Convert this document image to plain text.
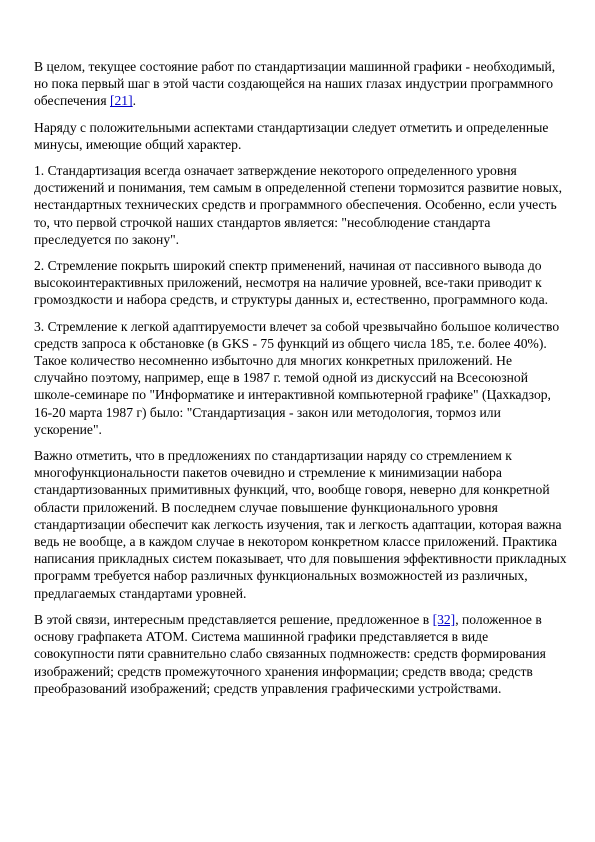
В целом, текущее состояние работ по стандартизации машинной графики - необходимый, но пока первый шаг в этой части создающейся на наших глазах индустрии программного обеспечения [21].

Наряду с положительными аспектами стандартизации следует отметить и определенные минусы, имеющие общий характер.

1. Стандартизация всегда означает затверждение некоторого определенного уровня достижений и понимания, тем самым в определенной степени тормозится развитие новых, нестандартных технических средств и программного обеспечения. Особенно, если учесть то, что первой строчкой наших стандартов является: "несоблюдение стандарта преследуется по закону".

2. Стремление покрыть широкий спектр применений, начиная от пассивного вывода до высокоинтерактивных приложений, несмотря на наличие уровней, все-таки приводит к громоздкости и набора средств, и структуры данных и, естественно, программного кода.

3. Стремление к легкой адаптируемости влечет за собой чрезвычайно большое количество средств запроса к обстановке (в GKS - 75 функций из общего числа 185, т.е. более 40%). Такое количество несомненно избыточно для многих конкретных приложений. Не случайно поэтому, например, еще в 1987 г. темой одной из дискуссий на Всесоюзной школе-семинаре по "Информатике и интерактивной компьютерной графике" (Цахкадзор, 16-20 марта 1987 г) было: "Стандартизация - закон или методология, тормоз или ускорение".

Важно отметить, что в предложениях по стандартизации наряду со стремлением к многофункциональности пакетов очевидно и стремление к минимизации набора стандартизованных примитивных функций, что, вообще говоря, неверно для конкретной области приложений. В последнем случае повышение функционального уровня стандартизации обеспечит как легкость изучения, так и легкость адаптации, которая важна ведь не вообще, а в каждом случае в некотором конкретном классе приложений. Практика написания прикладных систем показывает, что для повышения эффективности прикладных программ требуется набор различных функциональных возможностей из различных, предлагаемых стандартами уровней.

В этой связи, интересным представляется решение, предложенное в [32], положенное в основу графпакета АТОМ. Система машинной графики представляется в виде совокупности пяти сравнительно слабо связанных подмножеств: средств формирования изображений; средств промежуточного хранения информации; средств ввода; средств преобразований изображений; средств управления графическими устройствами.
